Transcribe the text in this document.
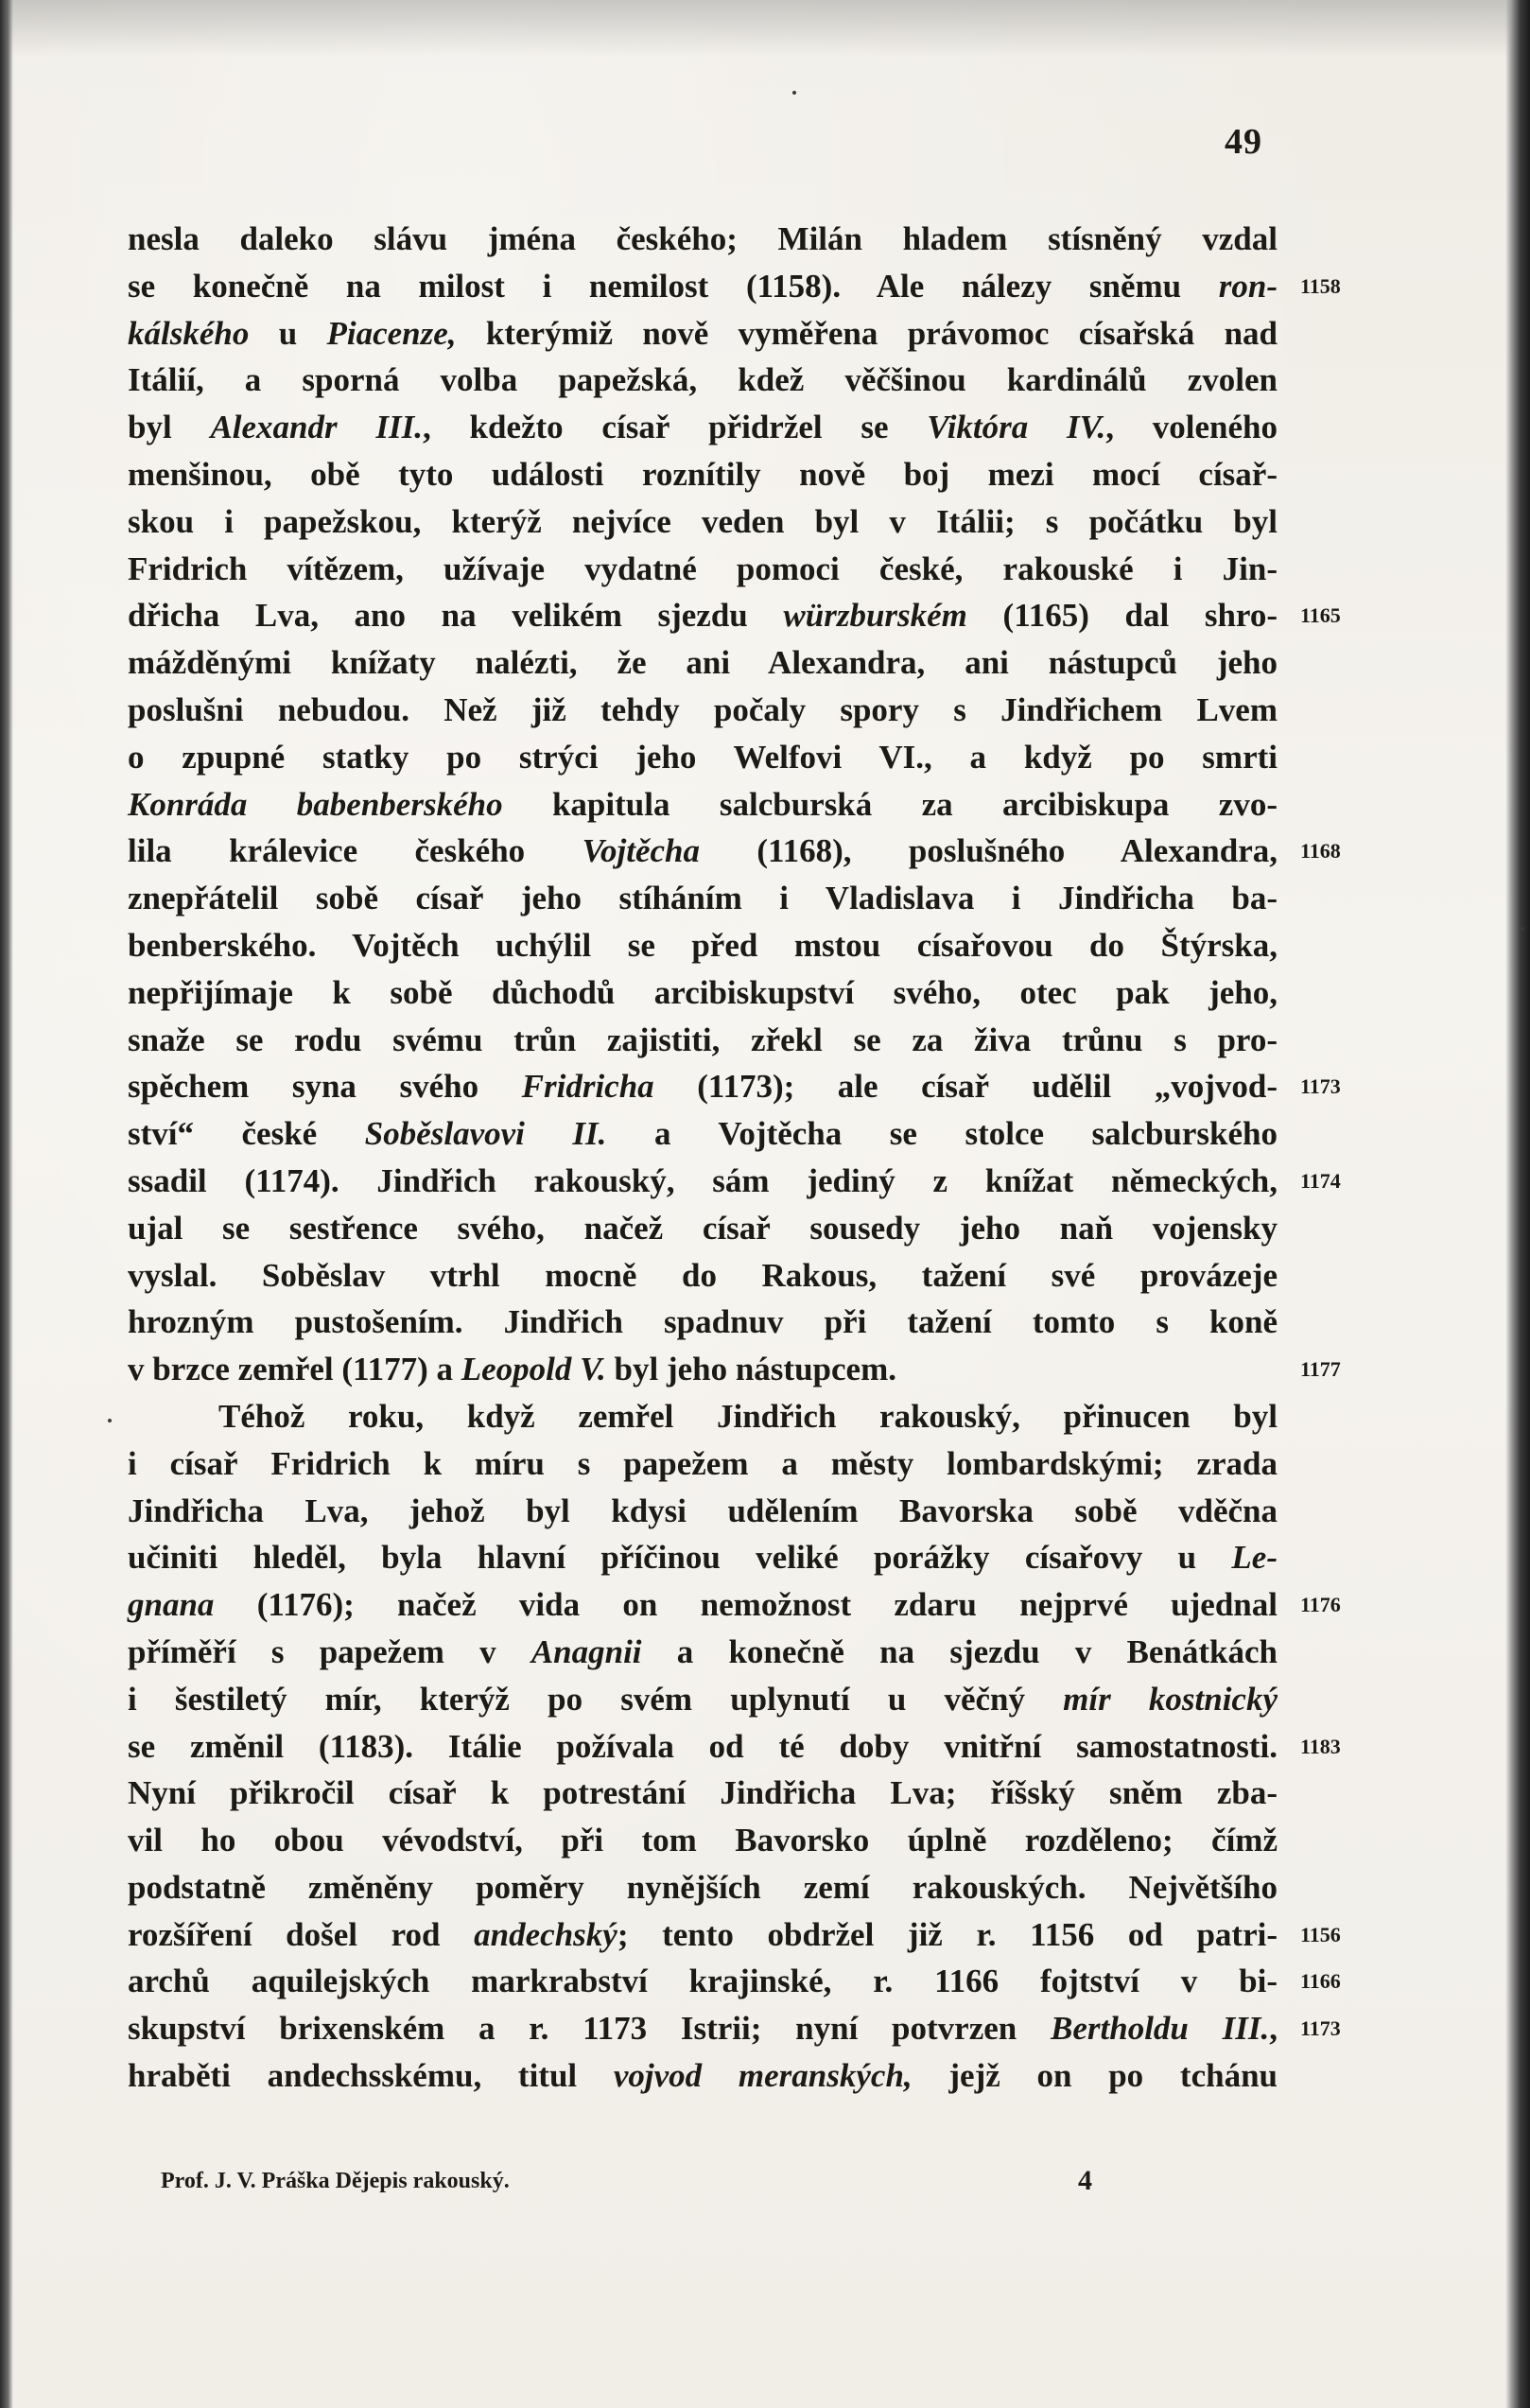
49
nesla daleko slávu jména českého; Milán hladem stísněný vzdal
se konečně na milost i nemilost (1158). Ale nálezy sněmu ron- 1158
kálského u Piacenze, kterýmiž nově vyměřena právomoc císařská nad
Itálií, a sporná volba papežská, kdež věčšinou kardinálů zvolen
byl Alexandr III., kdežto císař přidržel se Viktóra IV., voleného
menšinou, obě tyto události roznítily nově boj mezi mocí císař-
skou i papežskou, kterýž nejvíce veden byl v Itálii; s počátku byl
Fridrich vítězem, užívaje vydatné pomoci české, rakouské i Jin-
dřicha Lva, ano na velikém sjezdu würzburském (1165) dal shro- 1165
mážděnými knížaty nalézti, že ani Alexandra, ani nástupců jeho
poslušni nebudou. Než již tehdy počaly spory s Jindřichem Lvem
o zpupné statky po strýci jeho Welfovi VI., a když po smrti
Konráda babenberského kapitula salcburská za arcibiskupa zvo-
lila králevice českého Vojtěcha (1168), poslušného Alexandra, 1168
znepřátelil sobě císař jeho stíháním i Vladislava i Jindřicha ba-
benberského. Vojtěch uchýlil se před mstou císařovou do Štýrska,
nepřijímaje k sobě důchodů arcibiskupství svého, otec pak jeho,
snaže se rodu svému trůn zajistiti, zřekl se za živa trůnu s pro-
spěchem syna svého Fridricha (1173); ale císař udělil „vojvod- 1173
ství“ české Soběslavovi II. a Vojtěcha se stolce salcburského
ssadil (1174). Jindřich rakouský, sám jediný z knížat německých, 1174
ujal se sestřence svého, načež císař sousedy jeho naň vojensky
vyslal. Soběslav vtrhl mocně do Rakous, tažení své provázeje
hrozným pustošením. Jindřich spadnuv při tažení tomto s koně
v brzce zemřel (1177) a Leopold V. byl jeho nástupcem.	1177
Téhož roku, když zemřel Jindřich rakouský, přinucen byl
i císař Fridrich k míru s papežem a městy lombardskými; zrada
Jindřicha Lva, jehož byl kdysi udělením Bavorska sobě vděčna
učiniti hleděl, byla hlavní příčinou veliké porážky císařovy u Le-
gnana (1176); načež vida on nemožnost zdaru nejprvé ujednal 1176
příměří s papežem v Anagnii a konečně na sjezdu v Benátkách
i šestiletý mír, kterýž po svém uplynutí u věčný mír kostnický
se změnil (1183). Itálie požívala od té doby vnitřní samostatnosti. 1183
Nyní přikročil císař k potrestání Jindřicha Lva; říšský sněm zba-
vil ho obou vévodství, při tom Bavorsko úplně rozděleno; čímž
podstatně změněny poměry nynějších zemí rakouských. Největšího
rozšíření došel rod andechský; tento obdržel již r. 1156 od patri- 1156
archů aquilejských markrabství krajinské, r. 1166 fojtství v bi- 1166
skupství brixenském a r. 1173 Istrii; nyní potvrzen Bertholdu III., 1173
hraběti andechsskému, titul vojvod meranských, jejž on po tchánu
Prof. J. V. Práška Dějepis rakouský.	4
